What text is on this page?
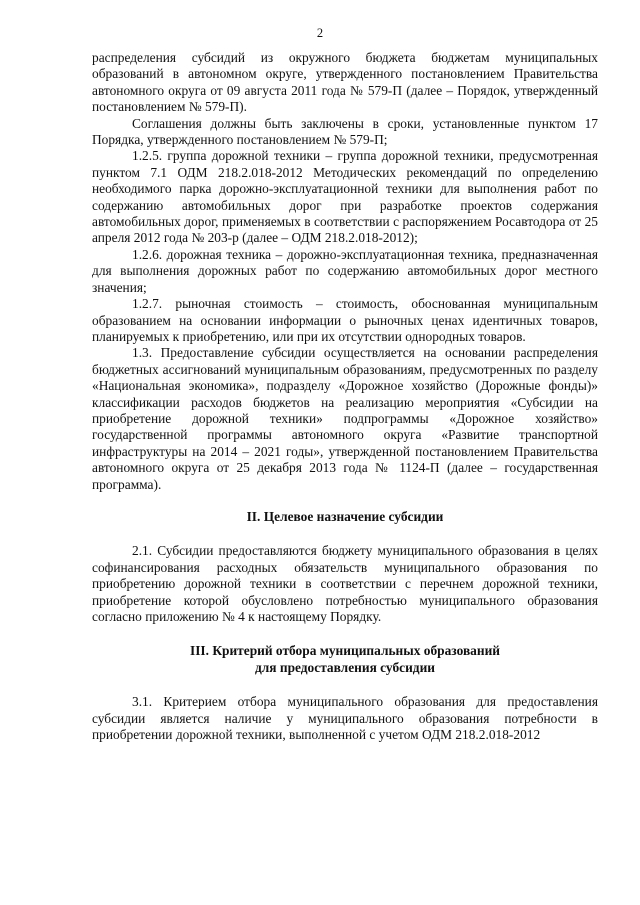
2

распределения субсидий из окружного бюджета бюджетам муниципальных образований в автономном округе, утвержденного постановлением Правительства автономного округа от 09 августа 2011 года № 579-П (далее – Порядок, утвержденный постановлением № 579-П).

Соглашения должны быть заключены в сроки, установленные пунктом 17 Порядка, утвержденного постановлением № 579-П;

1.2.5. группа дорожной техники – группа дорожной техники, предусмотренная пунктом 7.1 ОДМ 218.2.018-2012 Методических рекомендаций по определению необходимого парка дорожно-эксплуатационной техники для выполнения работ по содержанию автомобильных дорог при разработке проектов содержания автомобильных дорог, применяемых в соответствии с распоряжением Росавтодора от 25 апреля 2012 года № 203-р (далее – ОДМ 218.2.018-2012);

1.2.6. дорожная техника – дорожно-эксплуатационная техника, предназначенная для выполнения дорожных работ по содержанию автомобильных дорог местного значения;

1.2.7. рыночная стоимость – стоимость, обоснованная муниципальным образованием на основании информации о рыночных ценах идентичных товаров, планируемых к приобретению, или при их отсутствии однородных товаров.

1.3. Предоставление субсидии осуществляется на основании распределения бюджетных ассигнований муниципальным образованиям, предусмотренных по разделу «Национальная экономика», подразделу «Дорожное хозяйство (Дорожные фонды)» классификации расходов бюджетов на реализацию мероприятия «Субсидии на приобретение дорожной техники» подпрограммы «Дорожное хозяйство» государственной программы автономного округа «Развитие транспортной инфраструктуры на 2014 – 2021 годы», утвержденной постановлением Правительства автономного округа от 25 декабря 2013 года № 1124-П (далее – государственная программа).

II. Целевое назначение субсидии

2.1. Субсидии предоставляются бюджету муниципального образования в целях софинансирования расходных обязательств муниципального образования по приобретению дорожной техники в соответствии с перечнем дорожной техники, приобретение которой обусловлено потребностью муниципального образования согласно приложению № 4 к настоящему Порядку.

III. Критерий отбора муниципальных образований

для предоставления субсидии

3.1. Критерием отбора муниципального образования для предоставления субсидии является наличие у муниципального образования потребности в приобретении дорожной техники, выполненной с учетом ОДМ 218.2.018-2012
